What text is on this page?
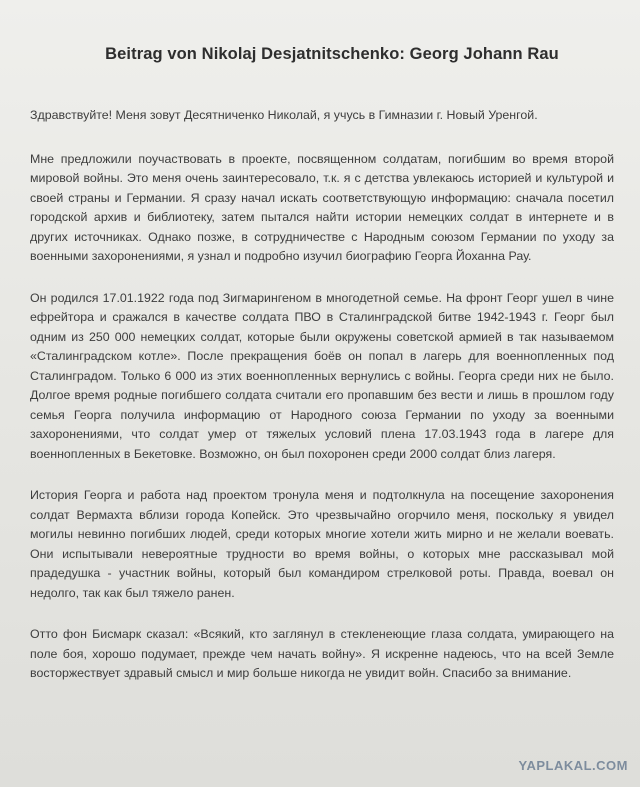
Beitrag von Nikolaj Desjatnitschenko: Georg Johann Rau

Здравствуйте! Меня зовут Десятниченко Николай, я учусь в Гимназии г. Новый Уренгой.

Мне предложили поучаствовать в проекте, посвященном солдатам, погибшим во время второй мировой войны. Это меня очень заинтересовало, т.к. я с детства увлекаюсь историей и культурой и своей страны и Германии. Я сразу начал искать соответствующую информацию: сначала посетил городской архив и библиотеку, затем пытался найти истории немецких солдат в интернете и в других источниках. Однако позже, в сотрудничестве с Народным союзом Германии по уходу за военными захоронениями, я узнал и подробно изучил биографию Георга Йоханна Рау.

Он родился 17.01.1922 года под Зигмарингеном в многодетной семье. На фронт Георг ушел в чине ефрейтора и сражался в качестве солдата ПВО в Сталинградской битве 1942-1943 г. Георг был одним из 250 000 немецких солдат, которые были окружены советской армией в так называемом «Сталинградском котле». После прекращения боёв он попал в лагерь для военнопленных под Сталинградом. Только 6 000 из этих военнопленных вернулись с войны. Георга среди них не было. Долгое время родные погибшего солдата считали его пропавшим без вести и лишь в прошлом году семья Георга получила информацию от Народного союза Германии по уходу за военными захоронениями, что солдат умер от тяжелых условий плена 17.03.1943 года в лагере для военнопленных в Бекетовке. Возможно, он был похоронен среди 2000 солдат близ лагеря.

История Георга и работа над проектом тронула меня и подтолкнула на посещение захоронения солдат Вермахта вблизи города Копейск. Это чрезвычайно огорчило меня, поскольку я увидел могилы невинно погибших людей, среди которых многие хотели жить мирно и не желали воевать. Они испытывали невероятные трудности во время войны, о которых мне рассказывал мой прадедушка - участник войны, который был командиром стрелковой роты. Правда, воевал он недолго, так как был тяжело ранен.

Отто фон Бисмарк сказал: «Всякий, кто заглянул в стекленеющие глаза солдата, умирающего на поле боя, хорошо подумает, прежде чем начать войну». Я искренне надеюсь, что на всей Земле восторжествует здравый смысл и мир больше никогда не увидит войн. Спасибо за внимание.

YAPLAKAL.COM
